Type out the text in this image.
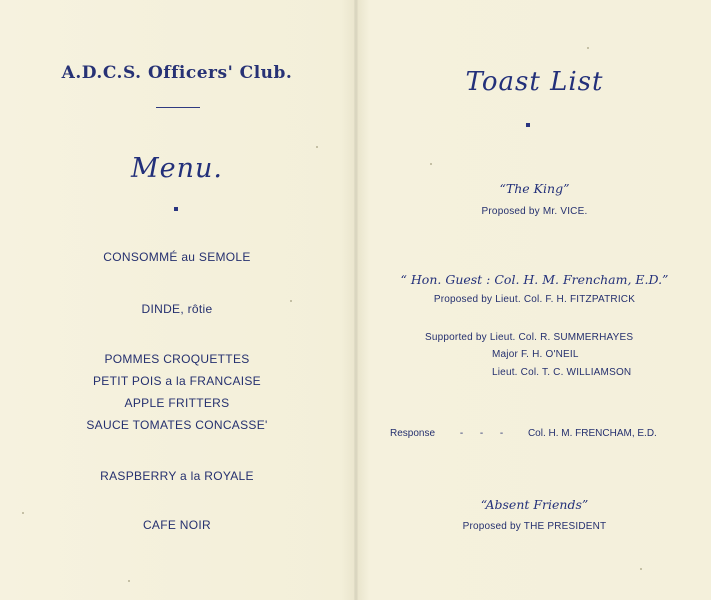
A.D.C.S. Officers' Club.
Menu.
CONSOMMÉ au SEMOLE
DINDE, rôtie
POMMES CROQUETTES
PETIT POIS a la FRANCAISE
APPLE FRITTERS
SAUCE TOMATES CONCASSE'
RASPBERRY a la ROYALE
CAFE NOIR
Toast List
“The King”
Proposed by Mr. VICE.
“ Hon. Guest : Col. H. M. Frencham, E.D.”
Proposed by Lieut. Col. F. H. FITZPATRICK
Supported by Lieut. Col. R. SUMMERHAYES
Major F. H. O'NEIL
Lieut. Col. T. C. WILLIAMSON
Response -      -      - Col. H. M. FRENCHAM, E.D.
“Absent Friends”
Proposed by THE PRESIDENT
